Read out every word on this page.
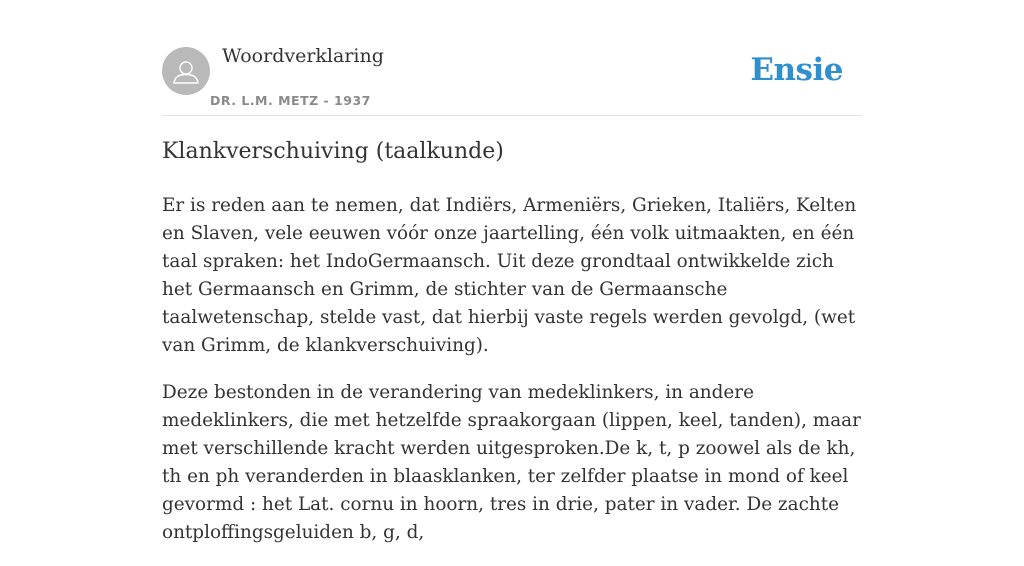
Woordverklaring
DR. L.M. METZ - 1937
Ensie
Klankverschuiving (taalkunde)

Er is reden aan te nemen, dat Indiërs, Armeniërs, Grieken, Italiërs, Kelten en Slaven, vele eeuwen vóór onze jaartelling, één volk uitmaakten, en één taal spraken: het IndoGermaansch. Uit deze grondtaal ontwikkelde zich het Germaansch en Grimm, de stichter van de Germaansche taalwetenschap, stelde vast, dat hierbij vaste regels werden gevolgd, (wet van Grimm, de klankverschuiving).

Deze bestonden in de verandering van medeklinkers, in andere medeklinkers, die met hetzelfde spraakorgaan (lippen, keel, tanden), maar met verschillende kracht werden uitgesproken.De k, t, p zoowel als de kh, th en ph veranderden in blaasklanken, ter zelfder plaatse in mond of keel gevormd : het Lat. cornu in hoorn, tres in drie, pater in vader. De zachte ontploffingsgeluiden b, g, d,
